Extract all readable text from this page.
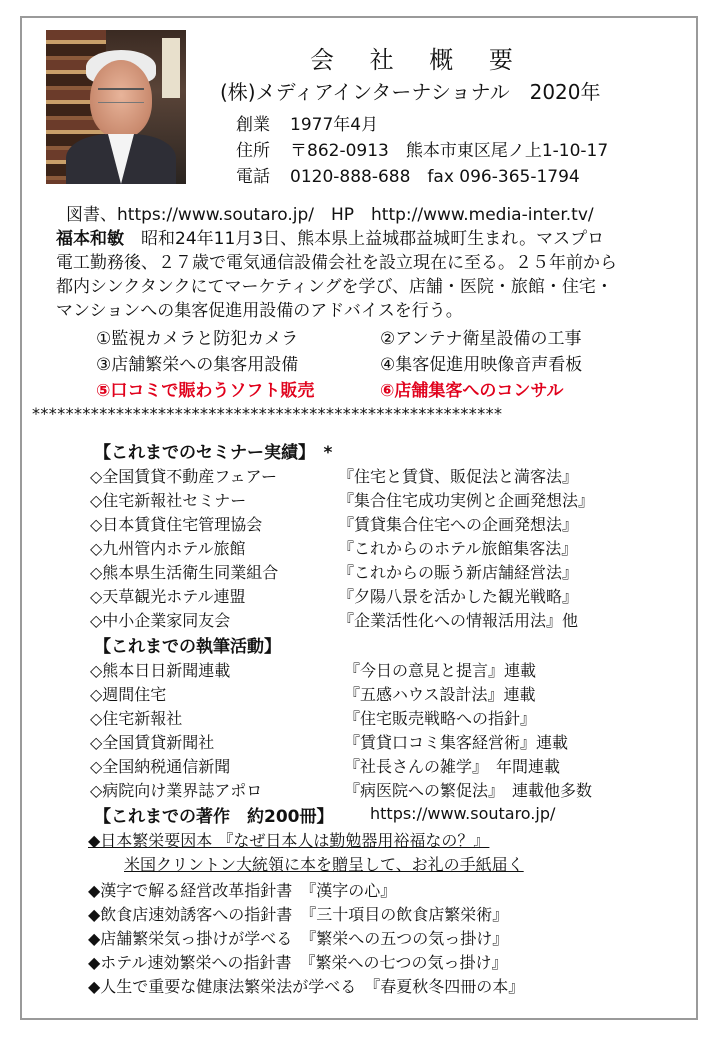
会 社 概 要
(株)メディアインターナショナル　2020年
創業 1977年4月
住所 〒862-0913　熊本市東区尾ノ上1-10-17
電話 0120-888-688　fax 096-365-1794
図書、https://www.soutaro.jp/　HP　http://www.media-inter.tv/
福本和敏　 昭和24年11月3日、熊本県上益城郡益城町生まれ。マスプロ
電工勤務後、２７歳で電気通信設備会社を設立現在に至る。２５年前から
都内シンクタンクにてマーケティングを学び、店舗・医院・旅館・住宅・
マンションへの集客促進用設備のアドバイスを行う。
①監視カメラと防犯カメラ	②アンテナ衛星設備の工事
③店舗繁栄への集客用設備	④集客促進用映像音声看板
⑤口コミで賑わうソフト販売	⑥店舗集客へのコンサル
********************************************************
【これまでのセミナー実績】　*
◇全国賃貸不動産フェアー	『住宅と賃貸、販促法と満客法』
◇住宅新報社セミナー	『集合住宅成功実例と企画発想法』
◇日本賃貸住宅管理協会	『賃貸集合住宅への企画発想法』
◇九州管内ホテル旅館	『これからのホテル旅館集客法』
◇熊本県生活衛生同業組合	『これからの賑う新店舗経営法』
◇天草観光ホテル連盟	『夕陽八景を活かした観光戦略』
◇中小企業家同友会	『企業活性化への情報活用法』他
【これまでの執筆活動】
◇熊本日日新聞連載	『今日の意見と提言』連載
◇週間住宅	『五感ハウス設計法』連載
◇住宅新報社	『住宅販売戦略への指針』
◇全国賃貸新聞社	『賃貸口コミ集客経営術』連載
◇全国納税通信新聞	『社長さんの雑学』　年間連載
◇病院向け業界誌アポロ	『病医院への繁促法』　連載他多数
【これまでの著作　約200冊】 https://www.soutaro.jp/
◆日本繁栄要因本 『なぜ日本人は勤勉器用裕福なの？』
米国クリントン大統領に本を贈呈して、お礼の手紙届く
◆漢字で解る経営改革指針書　『漢字の心』
◆飲食店速効誘客への指針書　『三十項目の飲食店繁栄術』
◆店舗繁栄気っ掛けが学べる　『繁栄への五つの気っ掛け』
◆ホテル速効繁栄への指針書　『繁栄への七つの気っ掛け』
◆人生で重要な健康法繁栄法が学べる　『春夏秋冬四冊の本』
